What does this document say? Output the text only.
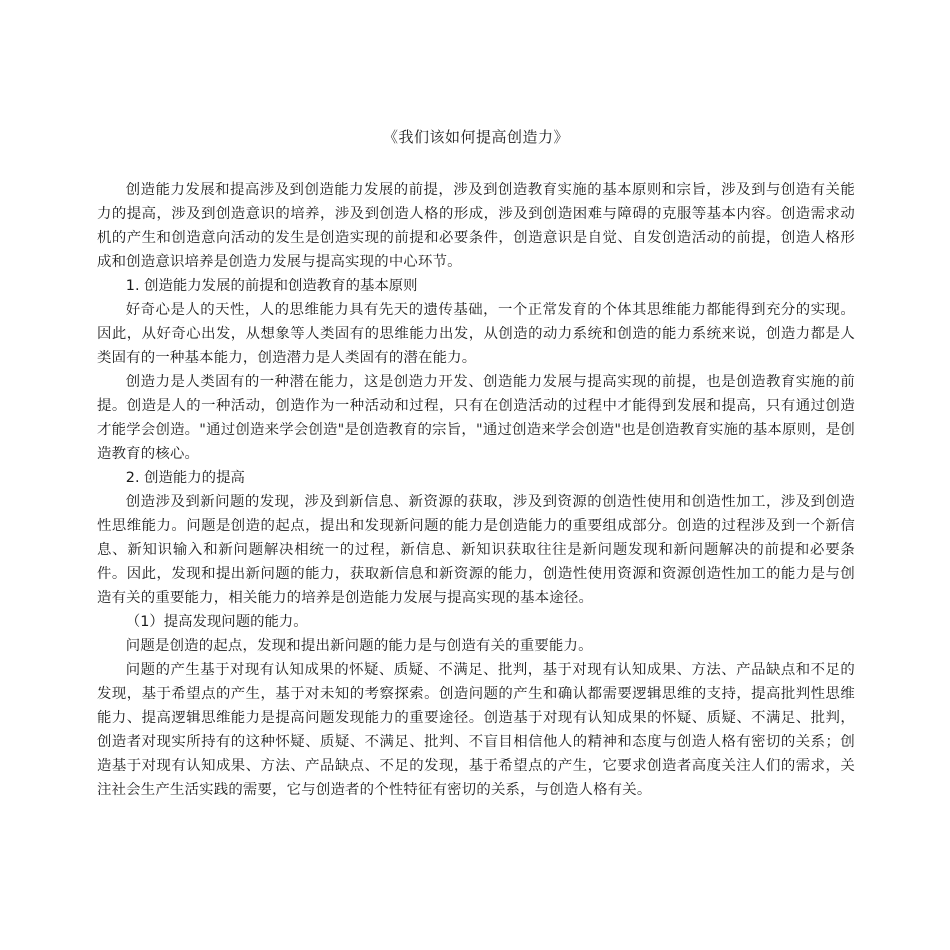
《我们该如何提高创造力》

创造能力发展和提高涉及到创造能力发展的前提，涉及到创造教育实施的基本原则和宗旨，涉及到与创造有关能力的提高，涉及到创造意识的培养，涉及到创造人格的形成，涉及到创造困难与障碍的克服等基本内容。创造需求动机的产生和创造意向活动的发生是创造实现的前提和必要条件，创造意识是自觉、自发创造活动的前提，创造人格形成和创造意识培养是创造力发展与提高实现的中心环节。

1. 创造能力发展的前提和创造教育的基本原则

好奇心是人的天性，人的思维能力具有先天的遗传基础，一个正常发育的个体其思维能力都能得到充分的实现。因此，从好奇心出发，从想象等人类固有的思维能力出发，从创造的动力系统和创造的能力系统来说，创造力都是人类固有的一种基本能力，创造潜力是人类固有的潜在能力。

创造力是人类固有的一种潜在能力，这是创造力开发、创造能力发展与提高实现的前提，也是创造教育实施的前提。创造是人的一种活动，创造作为一种活动和过程，只有在创造活动的过程中才能得到发展和提高，只有通过创造才能学会创造。"通过创造来学会创造"是创造教育的宗旨，"通过创造来学会创造"也是创造教育实施的基本原则，是创造教育的核心。

2. 创造能力的提高

创造涉及到新问题的发现，涉及到新信息、新资源的获取，涉及到资源的创造性使用和创造性加工，涉及到创造性思维能力。问题是创造的起点，提出和发现新问题的能力是创造能力的重要组成部分。创造的过程涉及到一个新信息、新知识输入和新问题解决相统一的过程，新信息、新知识获取往往是新问题发现和新问题解决的前提和必要条件。因此，发现和提出新问题的能力，获取新信息和新资源的能力，创造性使用资源和资源创造性加工的能力是与创造有关的重要能力，相关能力的培养是创造能力发展与提高实现的基本途径。

（1）提高发现问题的能力。

问题是创造的起点，发现和提出新问题的能力是与创造有关的重要能力。

问题的产生基于对现有认知成果的怀疑、质疑、不满足、批判，基于对现有认知成果、方法、产品缺点和不足的发现，基于希望点的产生，基于对未知的考察探索。创造问题的产生和确认都需要逻辑思维的支持，提高批判性思维能力、提高逻辑思维能力是提高问题发现能力的重要途径。创造基于对现有认知成果的怀疑、质疑、不满足、批判，创造者对现实所持有的这种怀疑、质疑、不满足、批判、不盲目相信他人的精神和态度与创造人格有密切的关系；创造基于对现有认知成果、方法、产品缺点、不足的发现，基于希望点的产生，它要求创造者高度关注人们的需求，关注社会生产生活实践的需要，它与创造者的个性特征有密切的关系，与创造人格有关。
